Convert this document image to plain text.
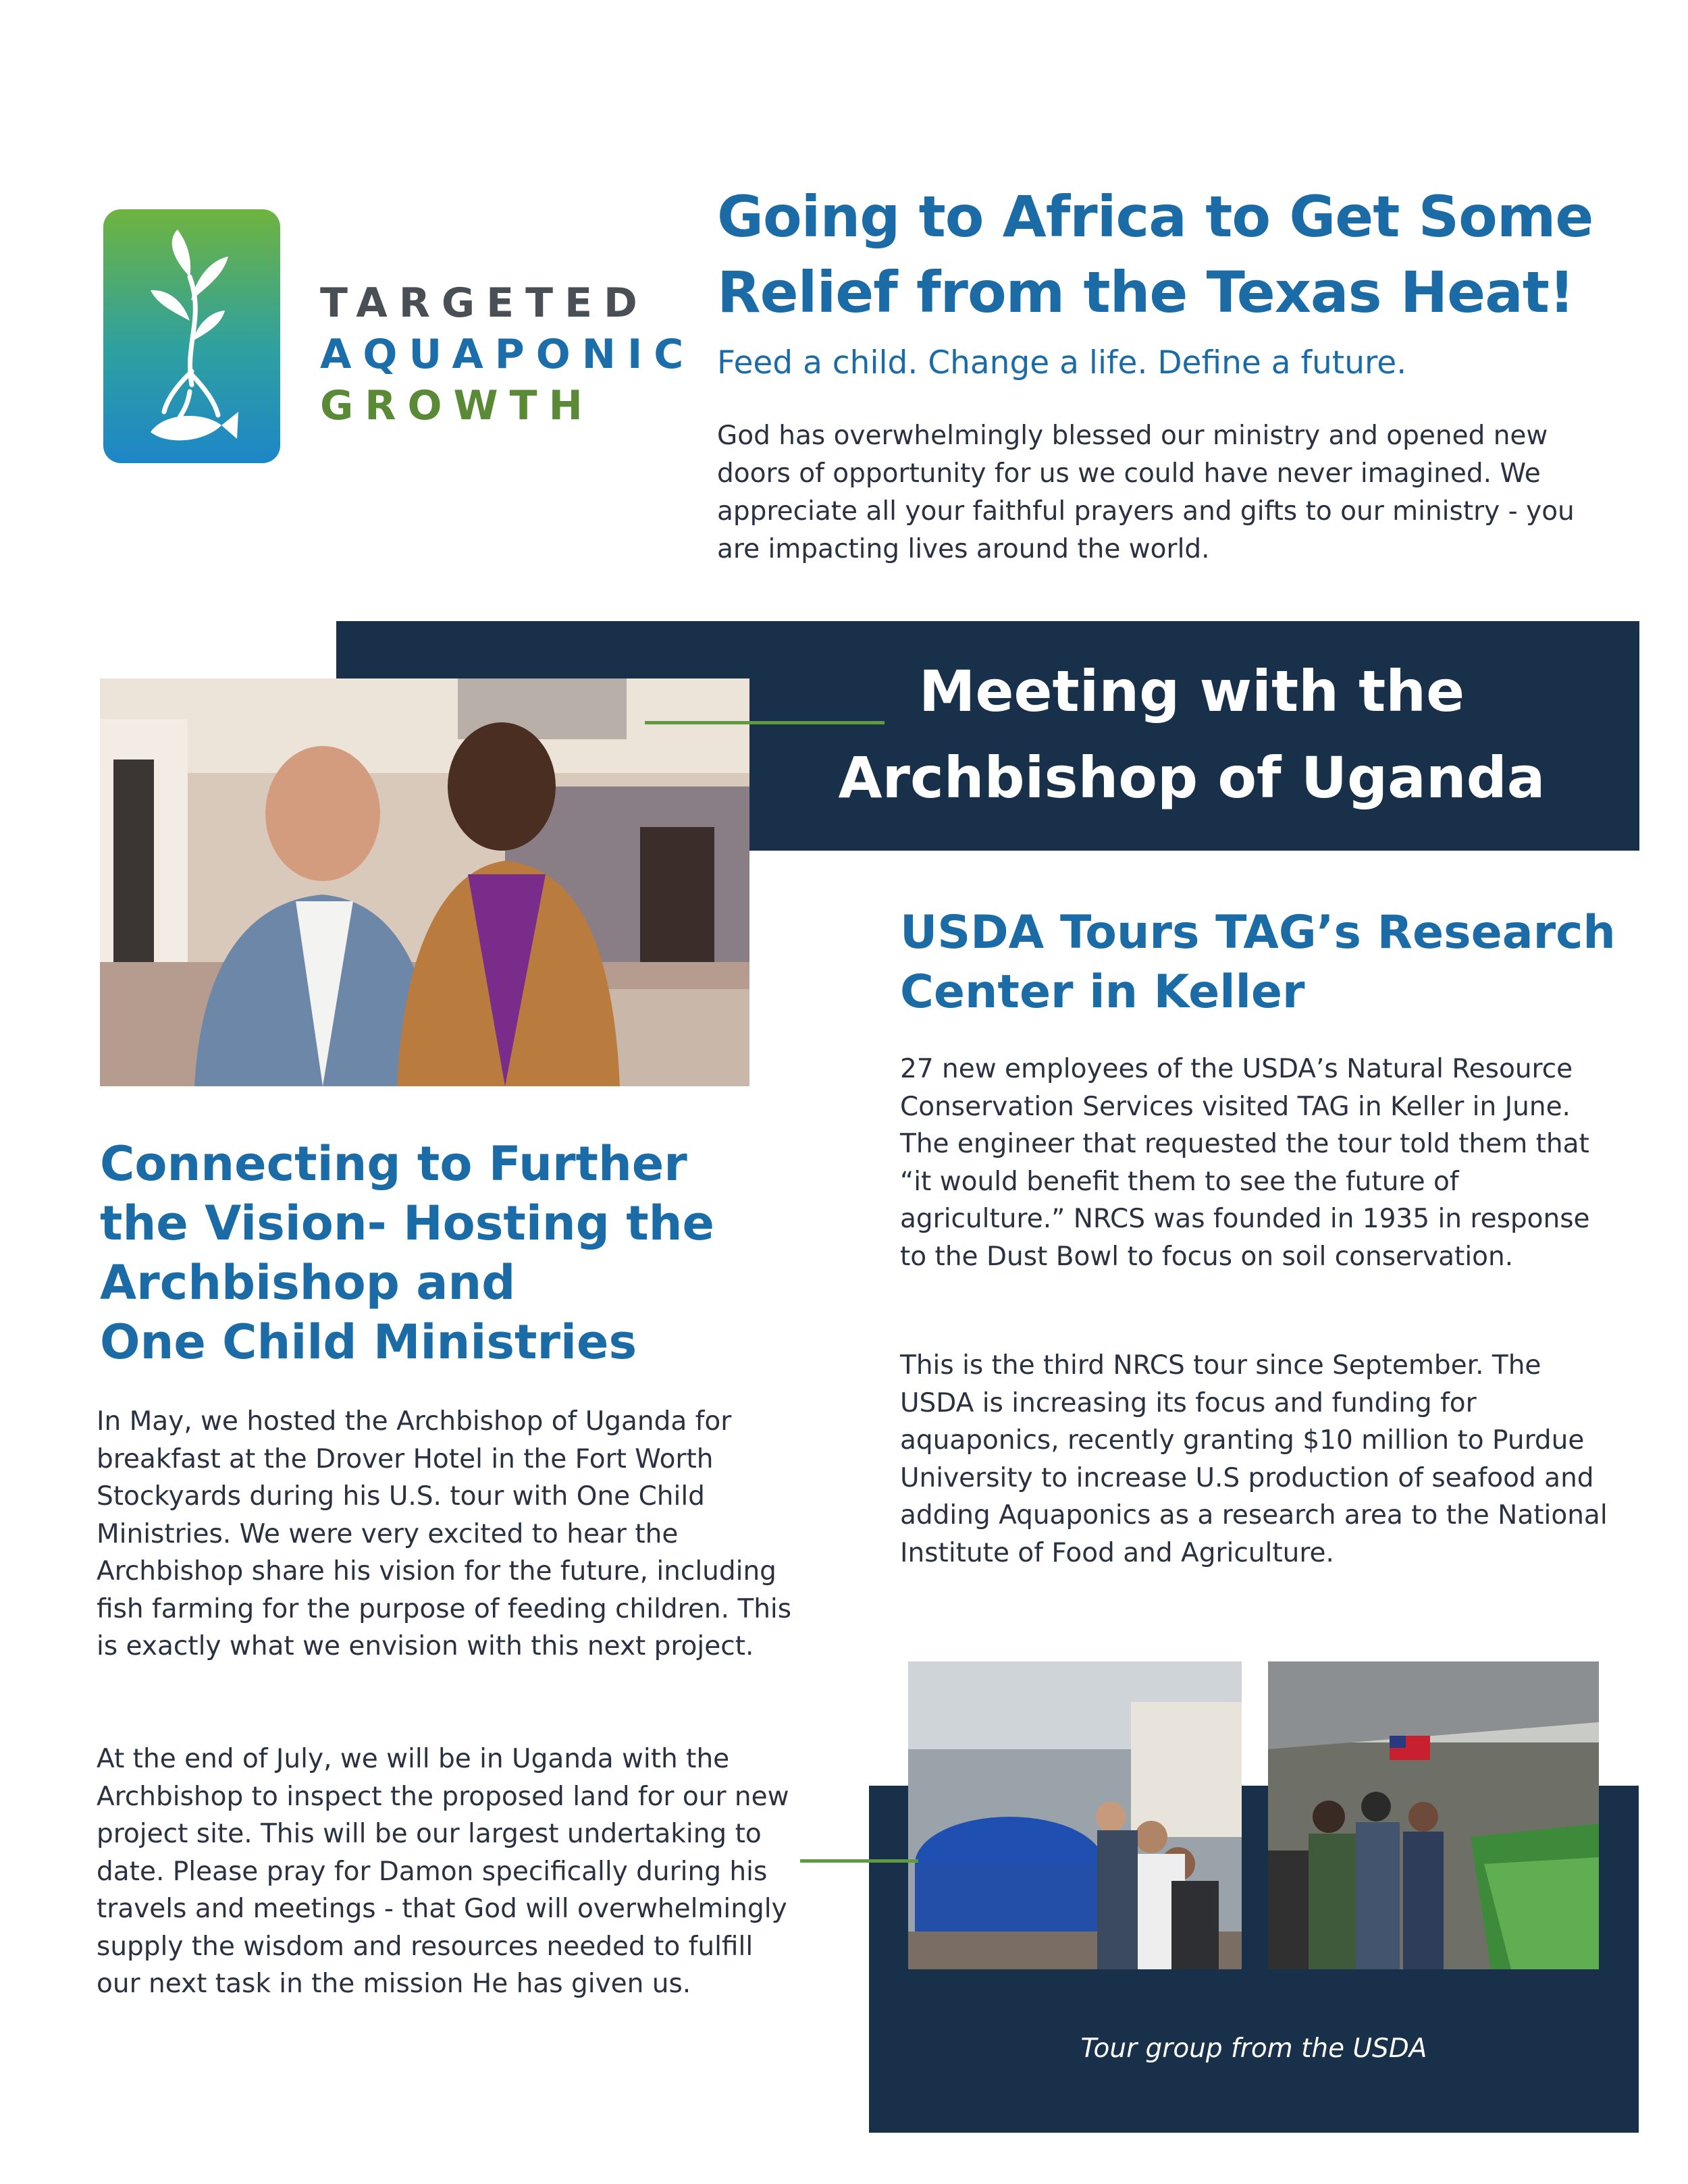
TARGETED
AQUAPONIC
GROWTH
Going to Africa to Get Some Relief from the Texas Heat!
Feed a child. Change a life. Define a future.

God has overwhelmingly blessed our ministry and opened new doors of opportunity for us we could have never imagined. We appreciate all your faithful prayers and gifts to our ministry - you are impacting lives around the world.

Meeting with the
Archbishop of Uganda
USDA Tours TAG’s Research
Center in Keller

27 new employees of the USDA’s Natural Resource Conservation Services visited TAG in Keller in June. The engineer that requested the tour told them that “it would benefit them to see the future of agriculture.” NRCS was founded in 1935 in response to the Dust Bowl to focus on soil conservation.

This is the third NRCS tour since September. The USDA is increasing its focus and funding for aquaponics, recently granting $10 million to Purdue University to increase U.S production of seafood and adding Aquaponics as a research area to the National Institute of Food and Agriculture.

Connecting to Further
the Vision- Hosting the
Archbishop and
One Child Ministries

In May, we hosted the Archbishop of Uganda for breakfast at the Drover Hotel in the Fort Worth Stockyards during his U.S. tour with One Child Ministries. We were very excited to hear the Archbishop share his vision for the future, including fish farming for the purpose of feeding children. This is exactly what we envision with this next project.

At the end of July, we will be in Uganda with the Archbishop to inspect the proposed land for our new project site. This will be our largest undertaking to date. Please pray for Damon specifically during his travels and meetings - that God will overwhelmingly supply the wisdom and resources needed to fulfill our next task in the mission He has given us.

Tour group from the USDA
